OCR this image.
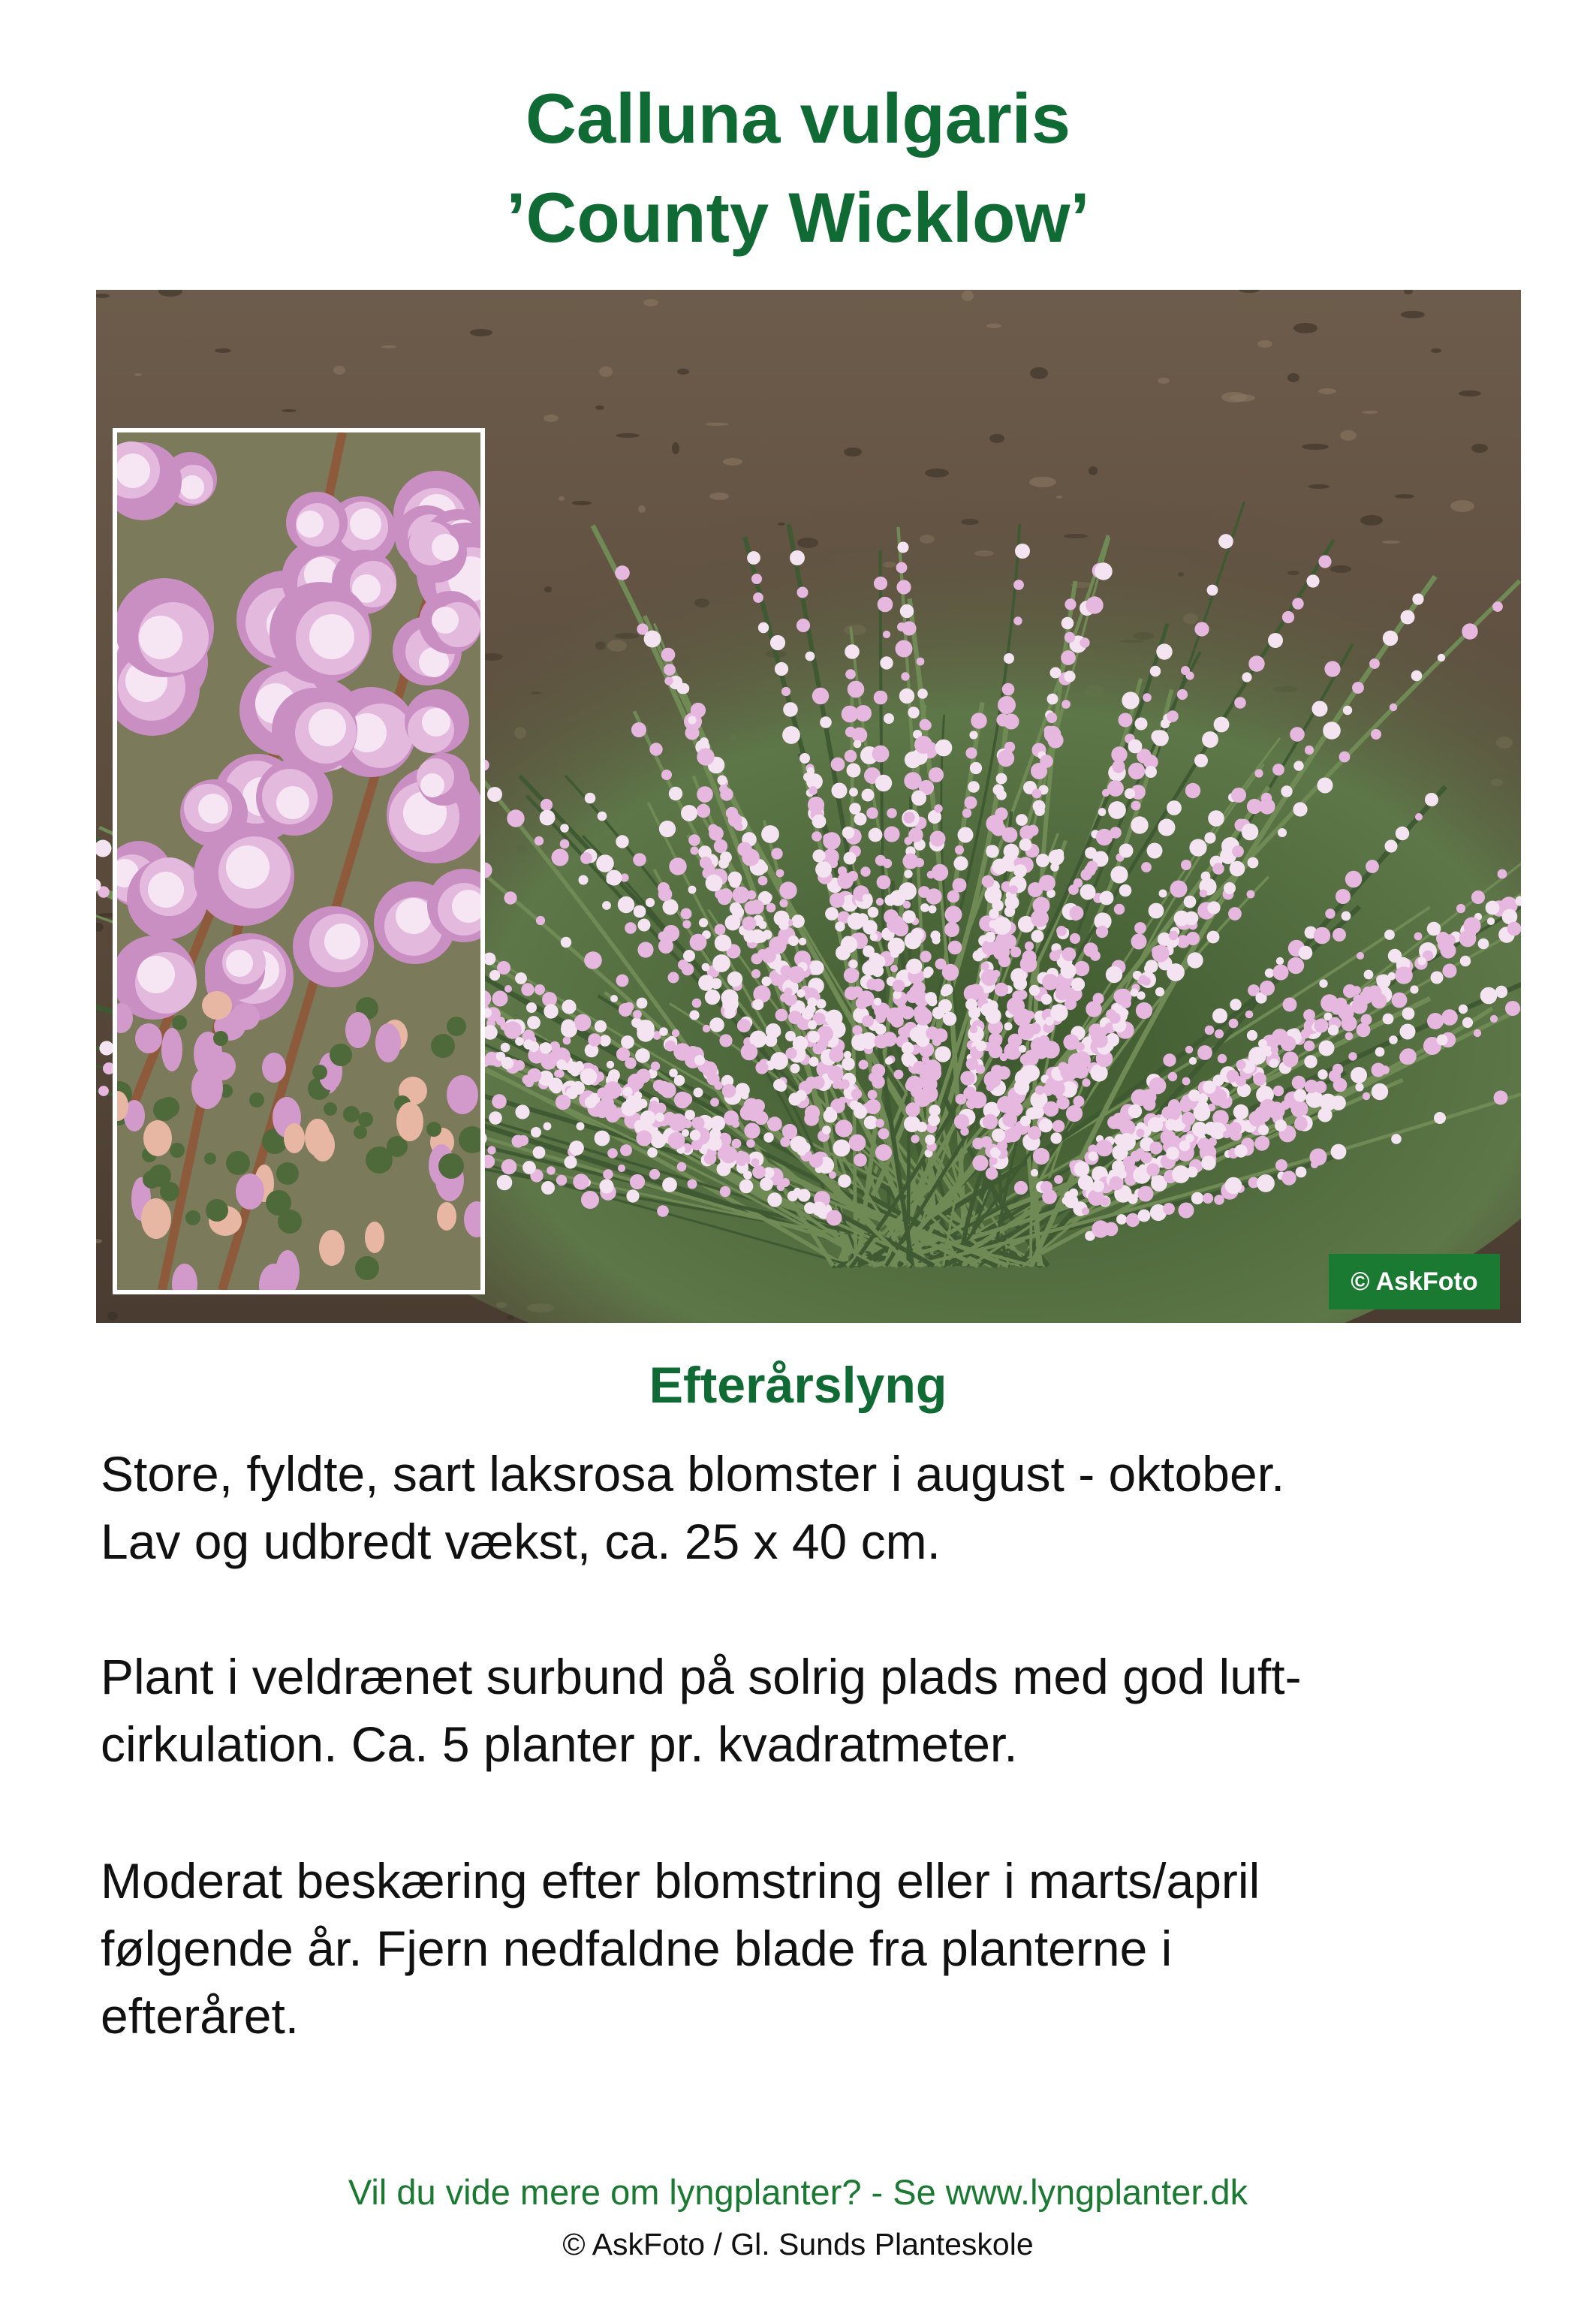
Calluna vulgaris
’County Wicklow’
© AskFoto
Efterårslyng

Store, fyldte, sart laksrosa blomster i august - oktober.
Lav og udbredt vækst, ca. 25 x 40 cm.

Plant i veldrænet surbund på solrig plads med god luft-
cirkulation. Ca. 5 planter pr. kvadratmeter.

Moderat beskæring efter blomstring eller i marts/april
følgende år. Fjern nedfaldne blade fra planterne i
efteråret.

Vil du vide mere om lyngplanter? - Se www.lyngplanter.dk

© AskFoto / Gl. Sunds Planteskole
